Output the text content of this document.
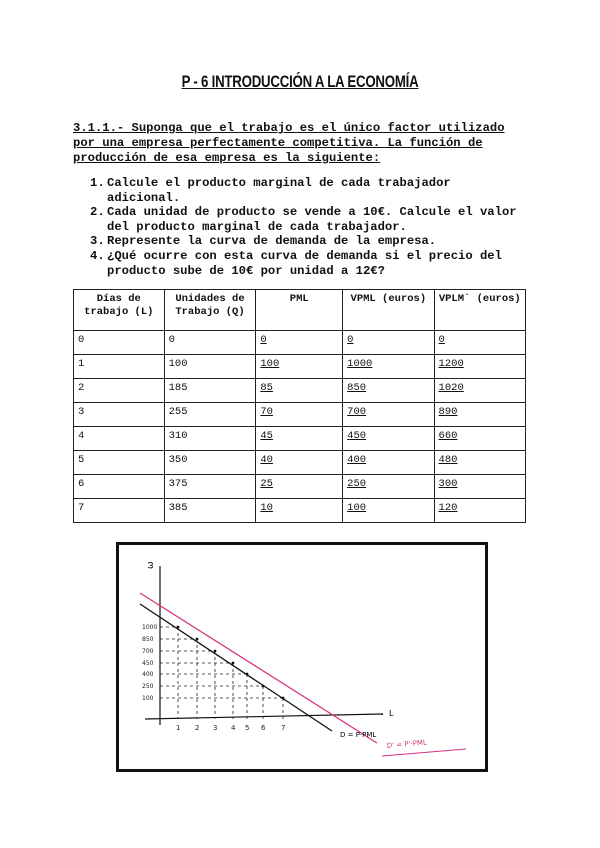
P - 6 INTRODUCCIÓN A LA ECONOMÍA
3.1.1.- Suponga que el trabajo es el único factor utilizado por una empresa perfectamente competitiva. La función de producción de esa empresa es la siguiente:
1. Calcule el producto marginal de cada trabajador adicional.
2. Cada unidad de producto se vende a 10€. Calcule el valor del producto marginal de cada trabajador.
3. Represente la curva de demanda de la empresa.
4. ¿Qué ocurre con esta curva de demanda si el precio del producto sube de 10€ por unidad a 12€?
Días de trabajo (L)	Unidades de Trabajo (Q)	PML	VPML (euros)	VPLM` (euros)
0	0	0	0	0
1	100	100	1000	1200
2	185	85	850	1020
3	255	70	700	890
4	310	45	450	660
5	350	40	400	480
6	375	25	250	300
7	385	10	100	120
1
1000
2
850
3
700
4
450
5
400
6
250
7
100
ω
L
D = P·PML
D' = P'·PML
